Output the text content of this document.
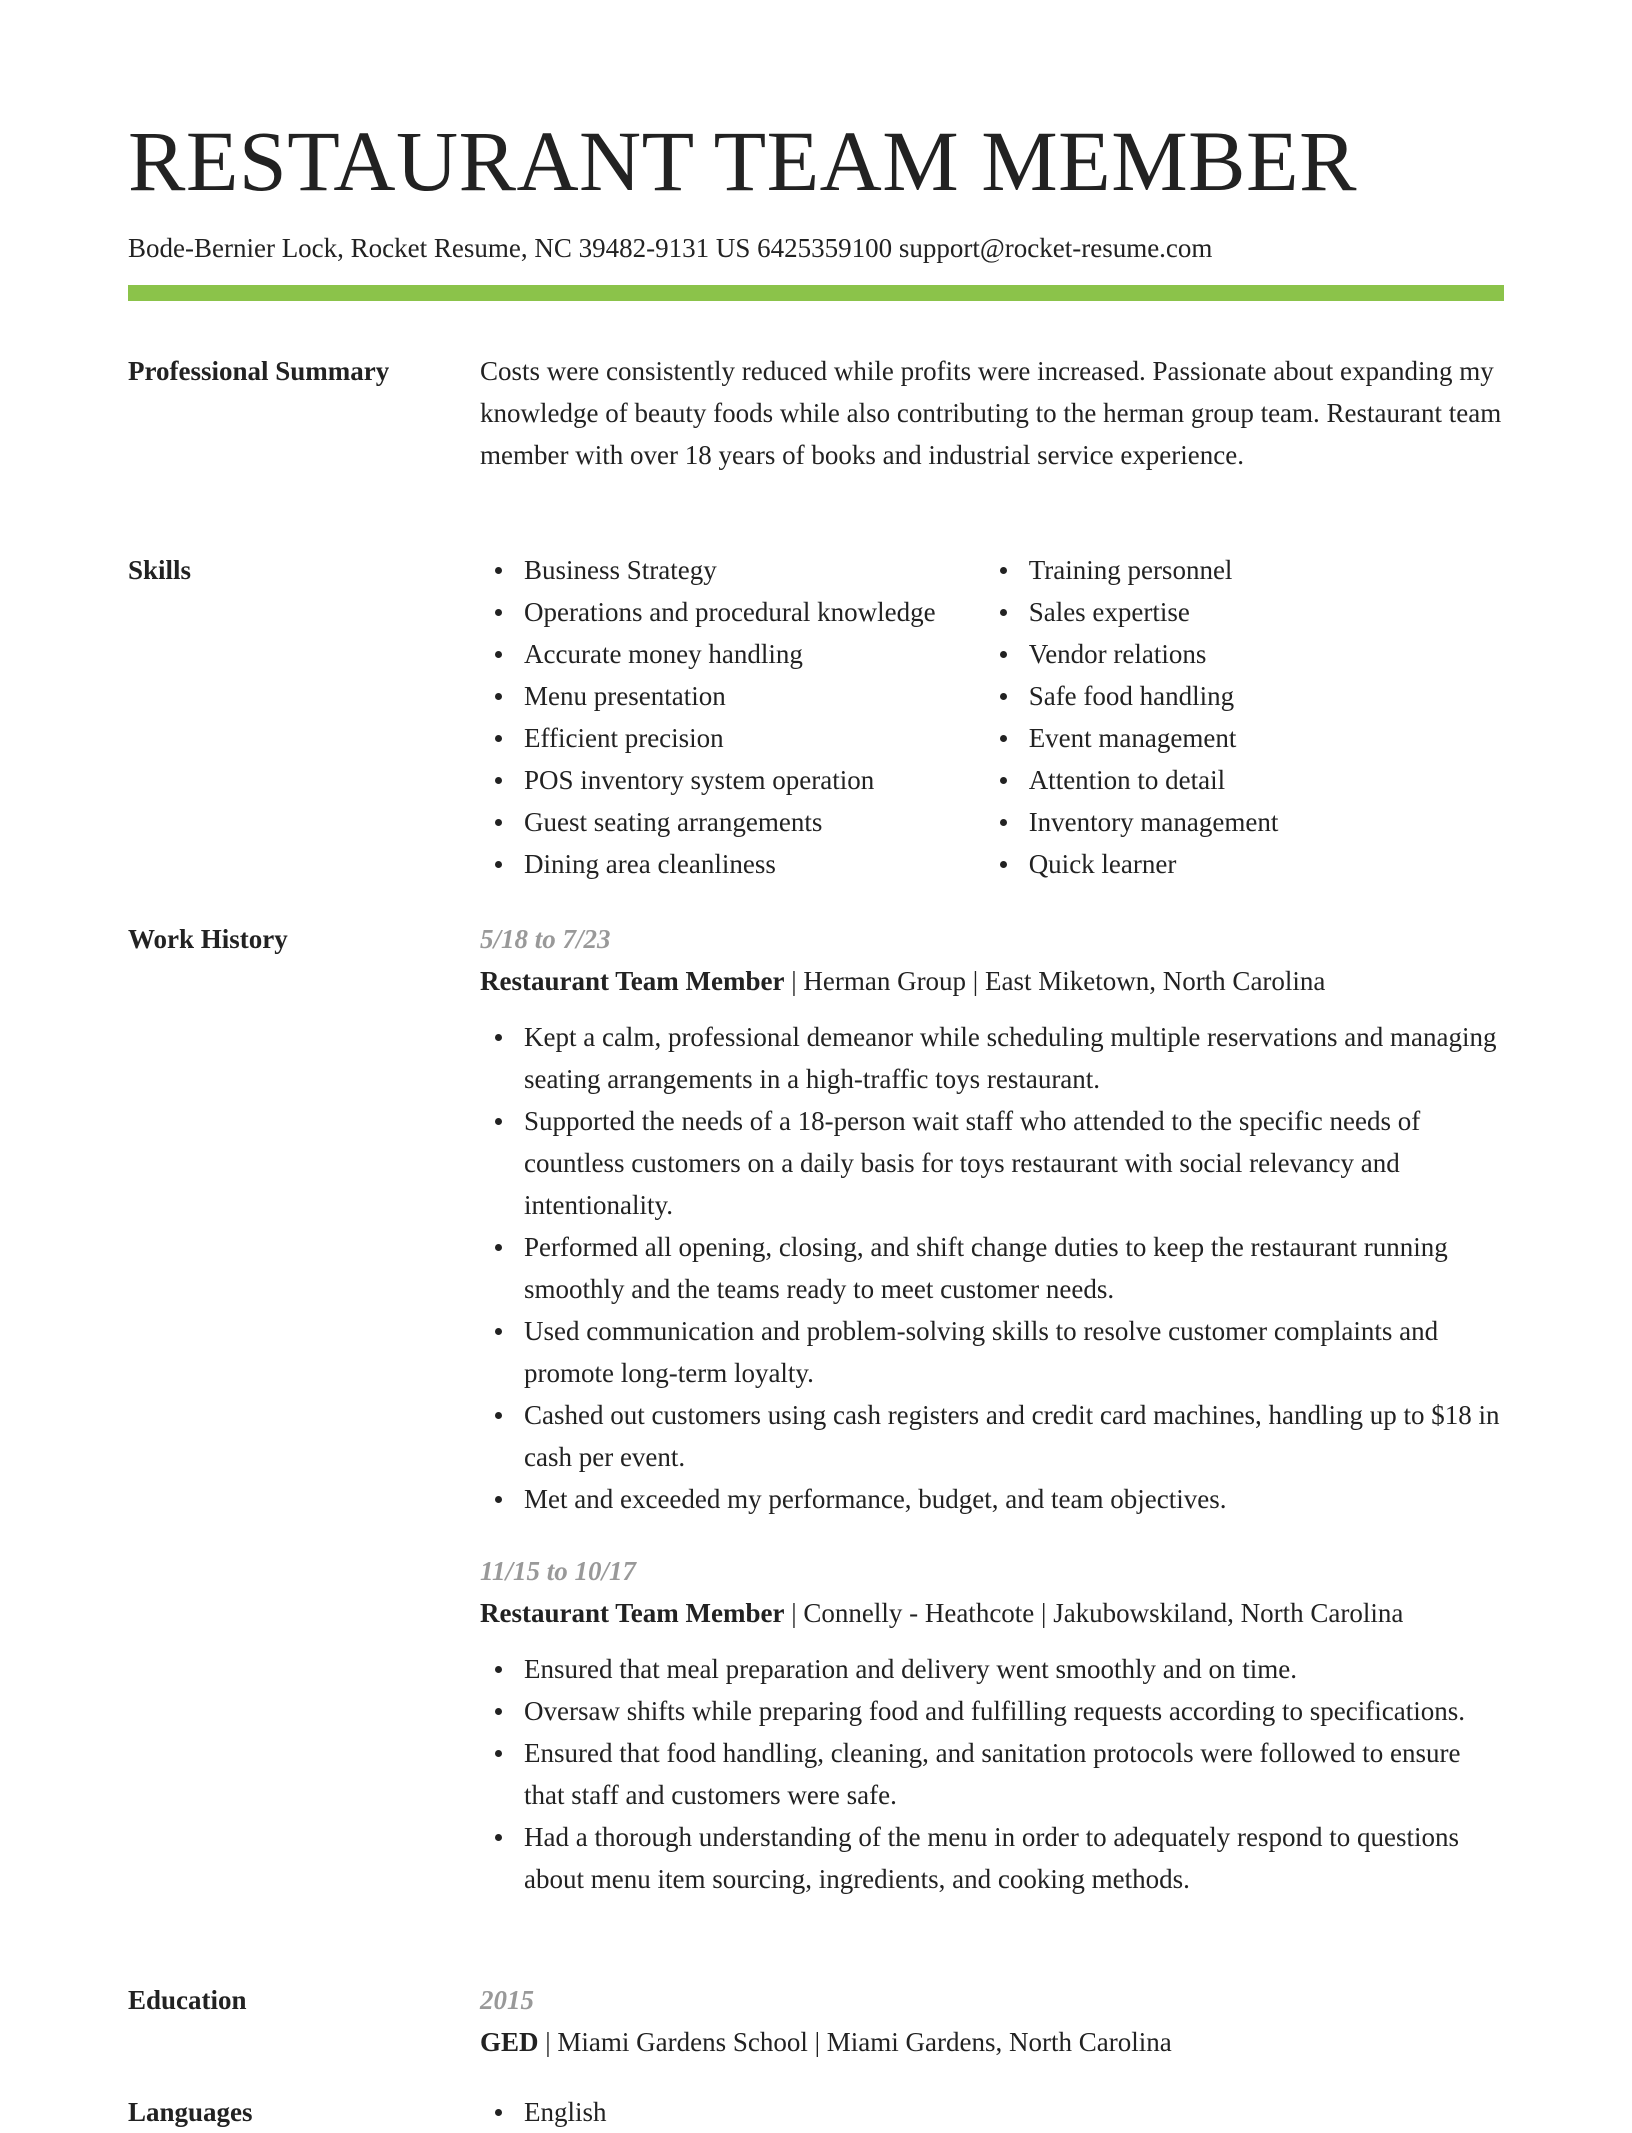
RESTAURANT TEAM MEMBER
Bode-Bernier Lock, Rocket Resume, NC 39482-9131 US 6425359100 support@rocket-resume.com
Professional Summary	Costs were consistently reduced while profits were increased. Passionate about expanding my knowledge of beauty foods while also contributing to the herman group team. Restaurant team member with over 18 years of books and industrial service experience.

Skills	Business Strategy
Operations and procedural knowledge
Accurate money handling
Menu presentation
Efficient precision
POS inventory system operation
Guest seating arrangements
Dining area cleanliness
Training personnel
Sales expertise
Vendor relations
Safe food handling
Event management
Attention to detail
Inventory management
Quick learner
Work History	5/18 to 7/23
Restaurant Team Member | Herman Group | East Miketown, North Carolina
Kept a calm, professional demeanor while scheduling multiple reservations and managing seating arrangements in a high-traffic toys restaurant.
Supported the needs of a 18-person wait staff who attended to the specific needs of countless customers on a daily basis for toys restaurant with social relevancy and intentionality.
Performed all opening, closing, and shift change duties to keep the restaurant running smoothly and the teams ready to meet customer needs.
Used communication and problem-solving skills to resolve customer complaints and promote long-term loyalty.
Cashed out customers using cash registers and credit card machines, handling up to $18 in cash per event.
Met and exceeded my performance, budget, and team objectives.
11/15 to 10/17
Restaurant Team Member | Connelly - Heathcote | Jakubowskiland, North Carolina
Ensured that meal preparation and delivery went smoothly and on time.
Oversaw shifts while preparing food and fulfilling requests according to specifications.
Ensured that food handling, cleaning, and sanitation protocols were followed to ensure that staff and customers were safe.
Had a thorough understanding of the menu in order to adequately respond to questions about menu item sourcing, ingredients, and cooking methods.
Education	2015
GED | Miami Gardens School | Miami Gardens, North Carolina
Languages	English
